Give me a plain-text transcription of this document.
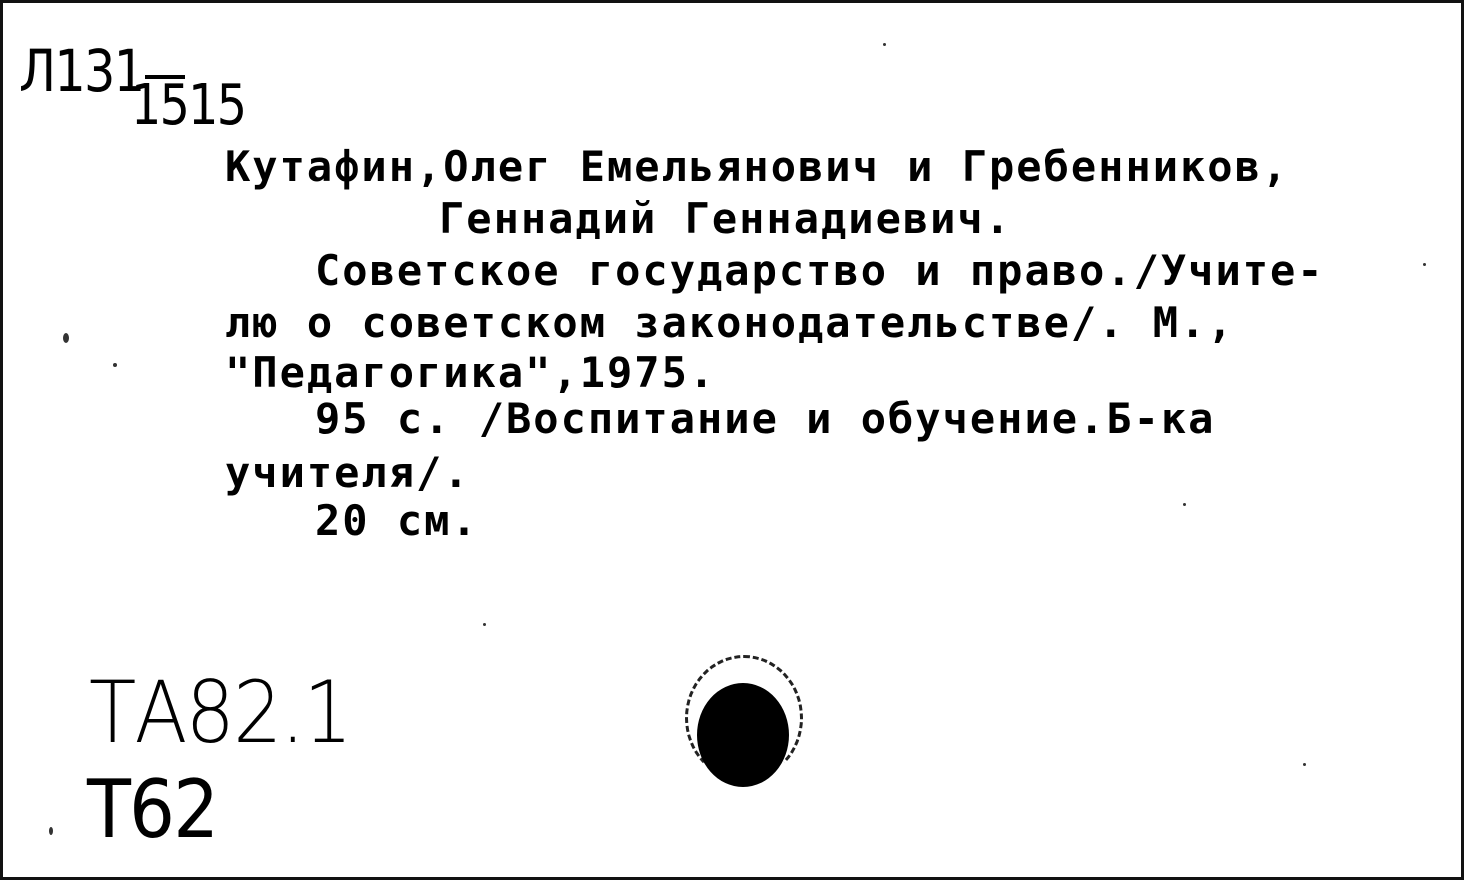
Л131
1515
Кутафин,Олег Емельянович и Гребенников,
Геннадий Геннадиевич.
Советское государство и право./Учите-
лю о советском законодательстве/. М.,
"Педагогика",1975.
95 с. /Воспитание и обучение.Б-ка
учителя/.
20 см.
ТА82.1
Т62
